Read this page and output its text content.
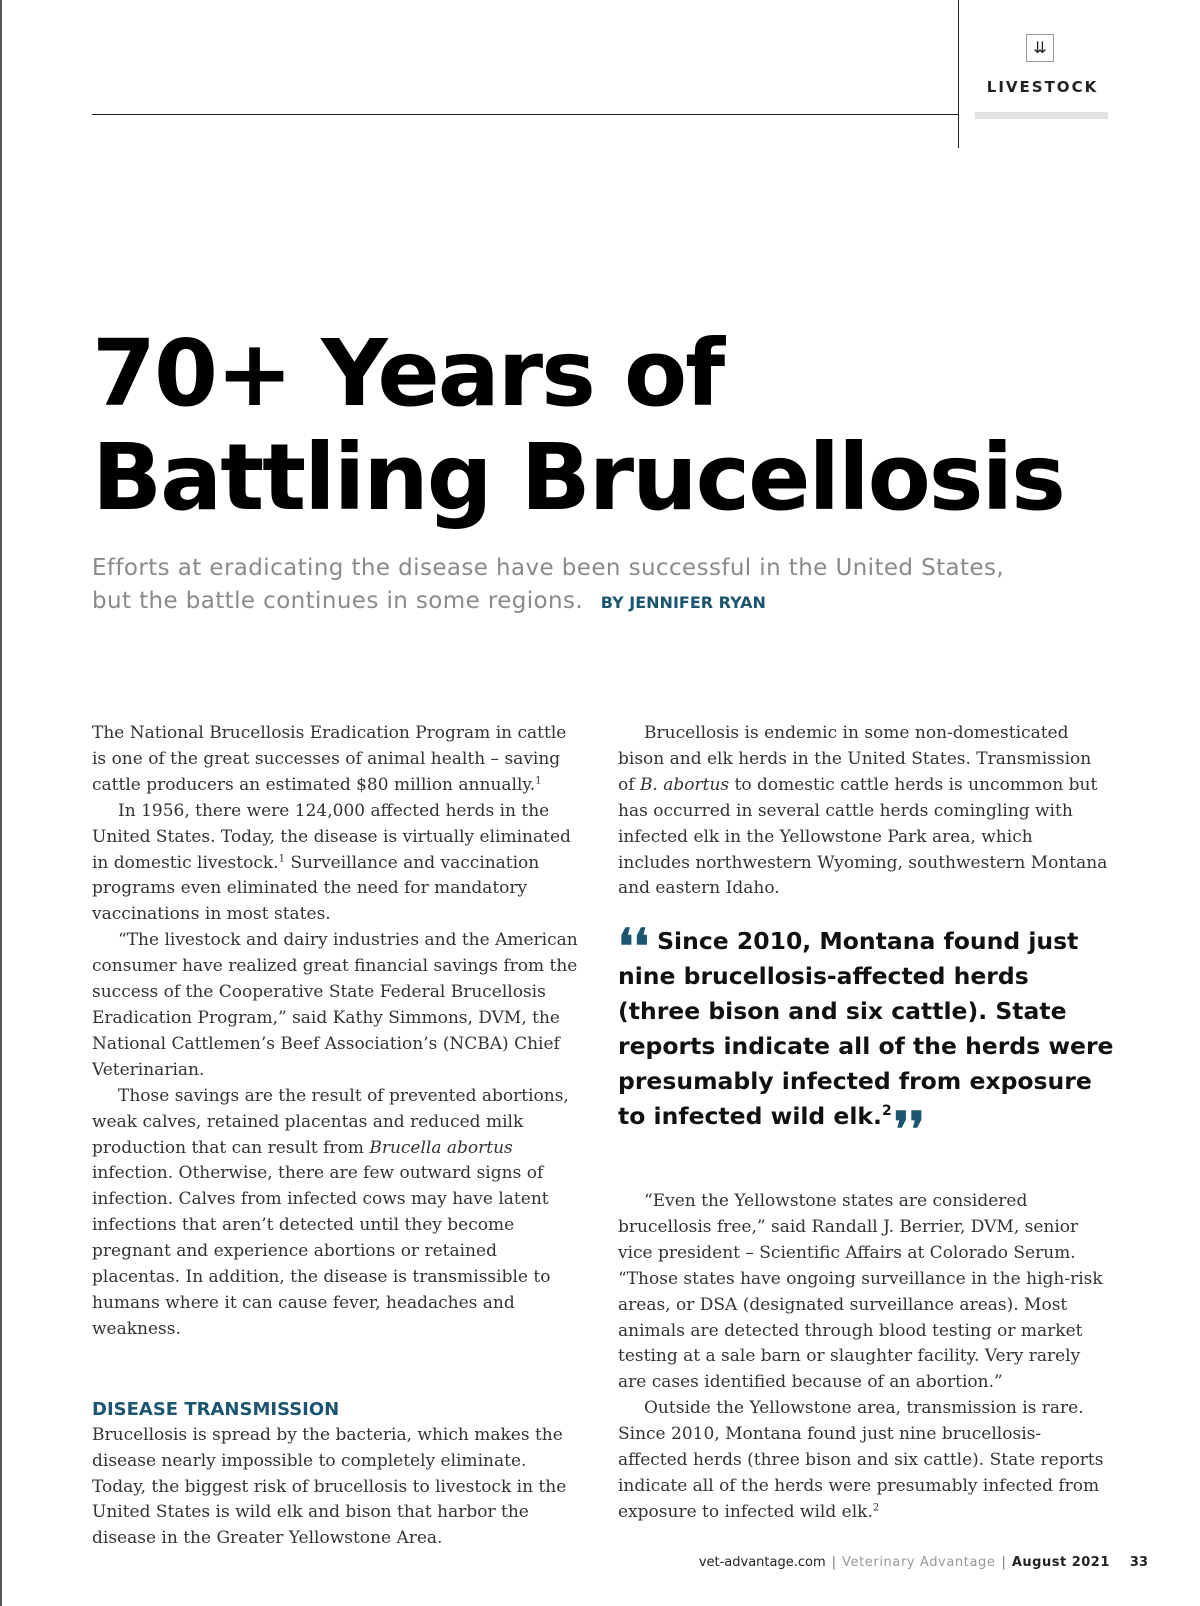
⇊
LIVESTOCK
70+ Years of
Battling Brucellosis
Efforts at eradicating the disease have been successful in the United States, but the battle continues in some regions. BY JENNIFER RYAN

The National Brucellosis Eradication Program in cattle is one of the great successes of animal health – saving cattle producers an estimated $80 million annually.$^1$

In 1956, there were 124,000 affected herds in the United States. Today, the disease is virtually eliminated in domestic livestock.$^1$ Surveillance and vaccination programs even eliminated the need for mandatory vaccinations in most states.

“The livestock and dairy industries and the American consumer have realized great financial savings from the success of the Cooperative State Federal Brucellosis Eradication Program,” said Kathy Simmons, DVM, the National Cattlemen’s Beef Association’s (NCBA) Chief Veterinarian.

Those savings are the result of prevented abortions, weak calves, retained placentas and reduced milk production that can result from Brucella abortus infection. Otherwise, there are few outward signs of infection. Calves from infected cows may have latent infections that aren’t detected until they become pregnant and experience abortions or retained placentas. In addition, the disease is transmissible to humans where it can cause fever, headaches and weakness.

DISEASE TRANSMISSION

Brucellosis is spread by the bacteria, which makes the disease nearly impossible to completely eliminate. Today, the biggest risk of brucellosis to livestock in the United States is wild elk and bison that harbor the disease in the Greater Yellowstone Area.

Brucellosis is endemic in some non-domesticated bison and elk herds in the United States. Transmission of B. abortus to domestic cattle herds is uncommon but has occurred in several cattle herds comingling with infected elk in the Yellowstone Park area, which includes northwestern Wyoming, southwestern Montana and eastern Idaho.

❛❛ Since 2010, Montana found just nine brucellosis-affected herds (three bison and six cattle). State reports indicate all of the herds were presumably infected from exposure to infected wild elk.$^2$❜❜

“Even the Yellowstone states are considered brucellosis free,” said Randall J. Berrier, DVM, senior vice president – Scientific Affairs at Colorado Serum. “Those states have ongoing surveillance in the high-risk areas, or DSA (designated surveillance areas). Most animals are detected through blood testing or market testing at a sale barn or slaughter facility. Very rarely are cases identified because of an abortion.”

Outside the Yellowstone area, transmission is rare. Since 2010, Montana found just nine brucellosis-affected herds (three bison and six cattle). State reports indicate all of the herds were presumably infected from exposure to infected wild elk.$^2$

vet-advantage.com | Veterinary Advantage | August 2021 33
